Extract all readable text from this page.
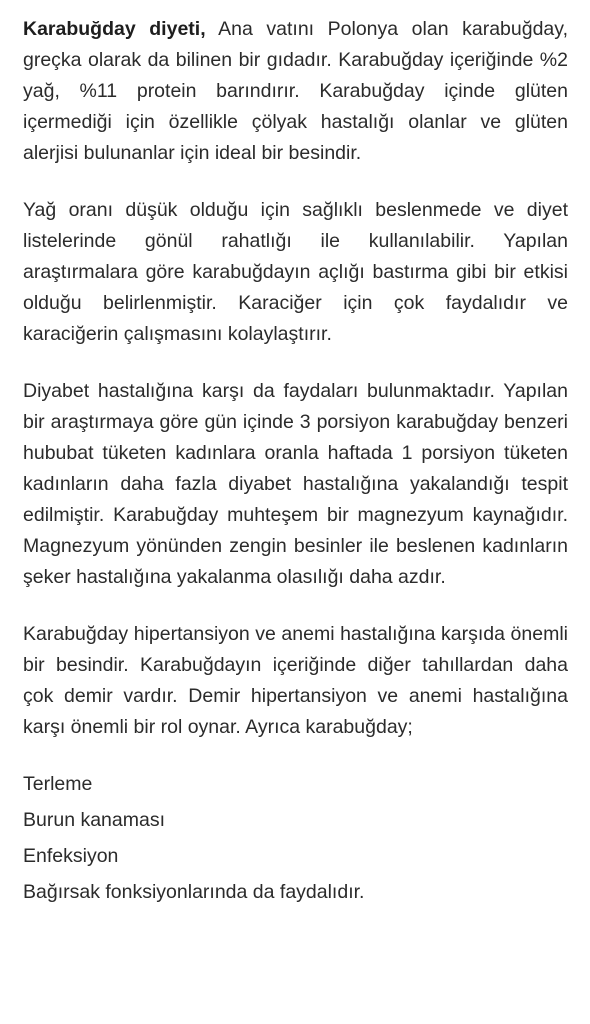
Karabuğday diyeti, Ana vatını Polonya olan karabuğday, greçka olarak da bilinen bir gıdadır. Karabuğday içeriğinde %2 yağ, %11 protein barındırır. Karabuğday içinde glüten içermediği için özellikle çölyak hastalığı olanlar ve glüten alerjisi bulunanlar için ideal bir besindir.

Yağ oranı düşük olduğu için sağlıklı beslenmede ve diyet listelerinde gönül rahatlığı ile kullanılabilir. Yapılan araştırmalara göre karabuğdayın açlığı bastırma gibi bir etkisi olduğu belirlenmiştir. Karaciğer için çok faydalıdır ve karaciğerin çalışmasını kolaylaştırır.

Diyabet hastalığına karşı da faydaları bulunmaktadır. Yapılan bir araştırmaya göre gün içinde 3 porsiyon karabuğday benzeri hububat tüketen kadınlara oranla haftada 1 porsiyon tüketen kadınların daha fazla diyabet hastalığına yakalandığı tespit edilmiştir. Karabuğday muhteşem bir magnezyum kaynağıdır. Magnezyum yönünden zengin besinler ile beslenen kadınların şeker hastalığına yakalanma olasılığı daha azdır.

Karabuğday hipertansiyon ve anemi hastalığına karşıda önemli bir besindir. Karabuğdayın içeriğinde diğer tahıllardan daha çok demir vardır. Demir hipertansiyon ve anemi hastalığına karşı önemli bir rol oynar. Ayrıca karabuğday;

Terleme
Burun kanaması
Enfeksiyon
Bağırsak fonksiyonlarında da faydalıdır.
